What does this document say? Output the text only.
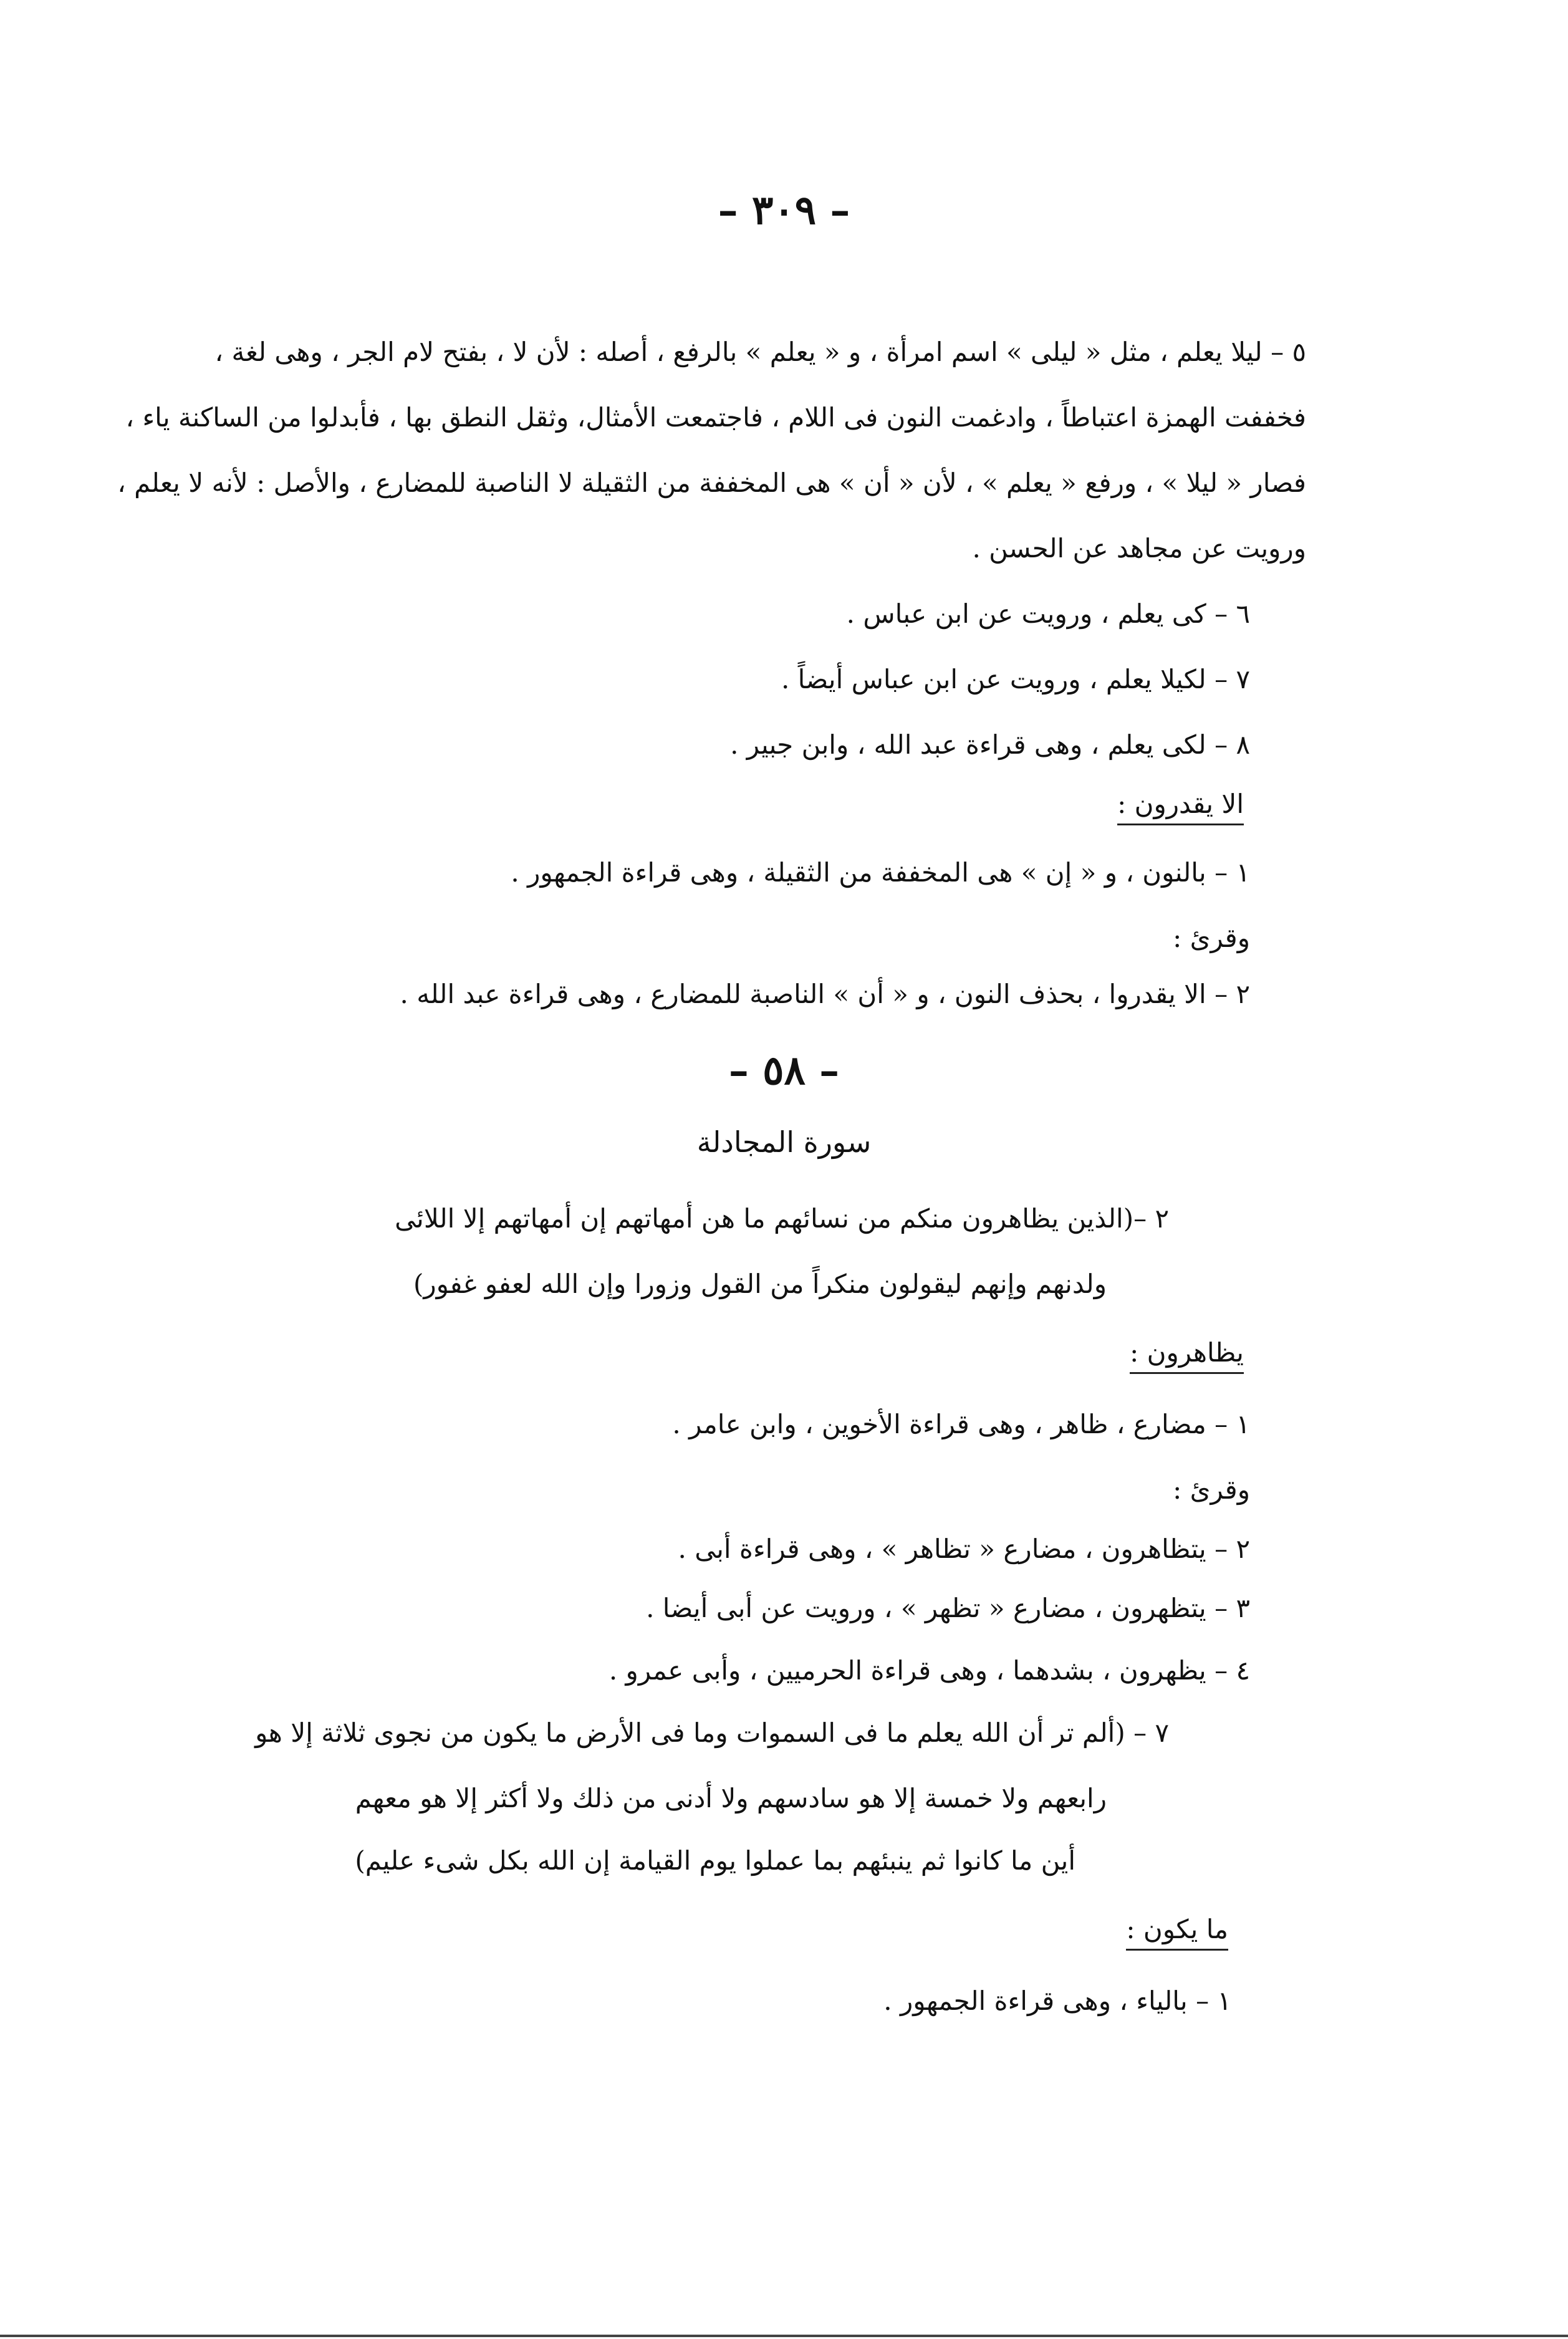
– ٣٠٩ –
٥ – ليلا يعلم ، مثل « ليلى » اسم امرأة ، و « يعلم » بالرفع ، أصله : لأن لا ، بفتح لام الجر ، وهى لغة ،
فخففت الهمزة اعتباطاً ، وادغمت النون فى اللام ، فاجتمعت الأمثال، وثقل النطق بها ، فأبدلوا من الساكنة ياء ،
فصار « ليلا » ، ورفع « يعلم » ، لأن « أن » هى المخففة من الثقيلة لا الناصبة للمضارع ، والأصل : لأنه لا يعلم ،
ورويت عن مجاهد عن الحسن .
٦ – كى يعلم ، ورويت عن ابن عباس .
٧ – لكيلا يعلم ، ورويت عن ابن عباس أيضاً .
٨ – لكى يعلم ، وهى قراءة عبد الله ، وابن جبير .
الا يقدرون :
١ – بالنون ، و « إن » هى المخففة من الثقيلة ، وهى قراءة الجمهور .
وقرئ :
٢ – الا يقدروا ، بحذف النون ، و « أن » الناصبة للمضارع ، وهى قراءة عبد الله .
– ٥٨ –
سورة المجادلة
٢ –(الذين يظاهرون منكم من نسائهم ما هن أمهاتهم إن أمهاتهم إلا اللائى
ولدنهم وإنهم ليقولون منكراً من القول وزورا وإن الله لعفو غفور)
يظاهرون :
١ – مضارع ، ظاهر ، وهى قراءة الأخوين ، وابن عامر .
وقرئ :
٢ – يتظاهرون ، مضارع « تظاهر » ، وهى قراءة أبى .
٣ – يتظهرون ، مضارع « تظهر » ، ورويت عن أبى أيضا .
٤ – يظهرون ، بشدهما ، وهى قراءة الحرميين ، وأبى عمرو .
٧ – (ألم تر أن الله يعلم ما فى السموات وما فى الأرض ما يكون من نجوى ثلاثة إلا هو
رابعهم ولا خمسة إلا هو سادسهم ولا أدنى من ذلك ولا أكثر إلا هو معهم
أين ما كانوا ثم ينبئهم بما عملوا يوم القيامة إن الله بكل شىء عليم)
ما يكون :
١ – بالياء ، وهى قراءة الجمهور .
